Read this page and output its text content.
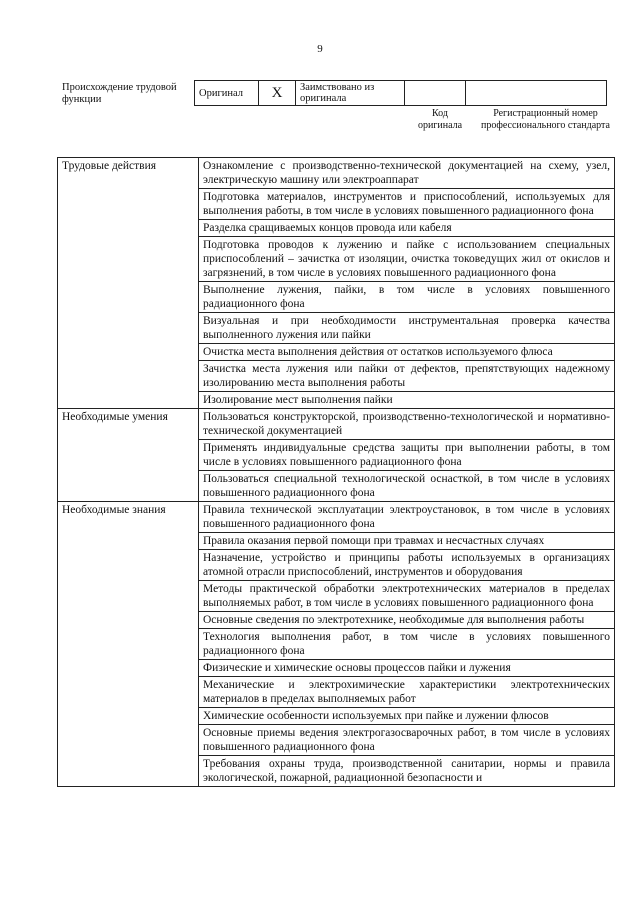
9
Происхождение трудовой функции
Оригинал	X	Заимствовано из оригинала		
Код оригинала
Регистрационный номер профессионального стандарта
Трудовые действия	Ознакомление с производственно-технической документацией на схему, узел, электрическую машину или электроаппарат
	Подготовка материалов, инструментов и приспособлений, используемых для выполнения работы, в том числе в условиях повышенного радиационного фона
	Разделка сращиваемых концов провода или кабеля
	Подготовка проводов к лужению и пайке с использованием специальных приспособлений – зачистка от изоляции, очистка токоведущих жил от окислов и загрязнений, в том числе в условиях повышенного радиационного фона
	Выполнение лужения, пайки, в том числе в условиях повышенного радиационного фона
	Визуальная и при необходимости инструментальная проверка качества выполненного лужения или пайки
	Очистка места выполнения действия от остатков используемого флюса
	Зачистка места лужения или пайки от дефектов, препятствующих надежному изолированию места выполнения работы
	Изолирование мест выполнения пайки
Необходимые умения	Пользоваться конструкторской, производственно-технологической и нормативно-технической документацией
	Применять индивидуальные средства защиты при выполнении работы, в том числе в условиях повышенного радиационного фона
	Пользоваться специальной технологической оснасткой, в том числе в условиях повышенного радиационного фона
Необходимые знания	Правила технической эксплуатации электроустановок, в том числе в условиях повышенного радиационного фона
	Правила оказания первой помощи при травмах и несчастных случаях
	Назначение, устройство и принципы работы используемых в организациях атомной отрасли приспособлений, инструментов и оборудования
	Методы практической обработки электротехнических материалов в пределах выполняемых работ, в том числе в условиях повышенного радиационного фона
	Основные сведения по электротехнике, необходимые для выполнения работы
	Технология выполнения работ, в том числе в условиях повышенного радиационного фона
	Физические и химические основы процессов пайки и лужения
	Механические и электрохимические характеристики электротехнических материалов в пределах выполняемых работ
	Химические особенности используемых при пайке и лужении флюсов
	Основные приемы ведения электрогазосварочных работ, в том числе в условиях повышенного радиационного фона
	Требования охраны труда, производственной санитарии, нормы и правила экологической, пожарной, радиационной безопасности и
